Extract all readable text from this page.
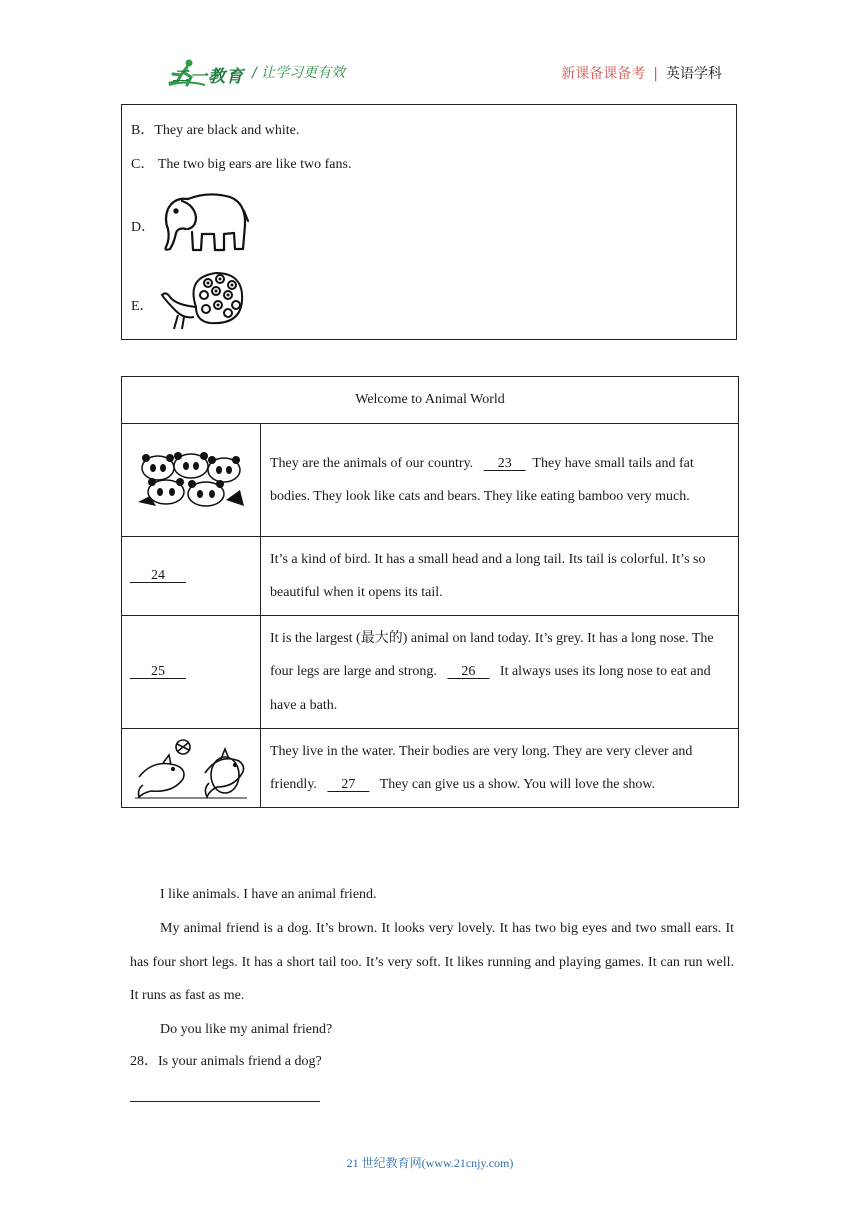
二一教育 / 让学习更有效	新课备课备考 | 英语学科
B．They are black and white.
C． The two big ears are like two fans.
D．
E．
Welcome to Animal World	

	They are the animals of our country.       23      They have small tails and fat bodies. They look like cats and bears. They like eating bamboo very much.
24	It’s a kind of bird. It has a small head and a long tail. Its tail is colorful. It’s so beautiful when it opens its tail.
25	It is the largest (最大的) animal on land today. It’s grey. It has a long nose. The four legs are large and strong.       26       It always uses its long nose to eat and have a bath.

	They live in the water. Their bodies are very long. They are very clever and friendly.       27       They can give us a show. You will love the show.

I like animals. I have an animal friend.

My animal friend is a dog. It’s brown. It looks very lovely. It has two big eyes and two small ears. It has four short legs. It has a short tail too. It’s very soft. It likes running and playing games. It can run well. It runs as fast as me.

Do you like my animal friend?

28．Is your animals friend a dog?
21 世纪教育网(www.21cnjy.com)
